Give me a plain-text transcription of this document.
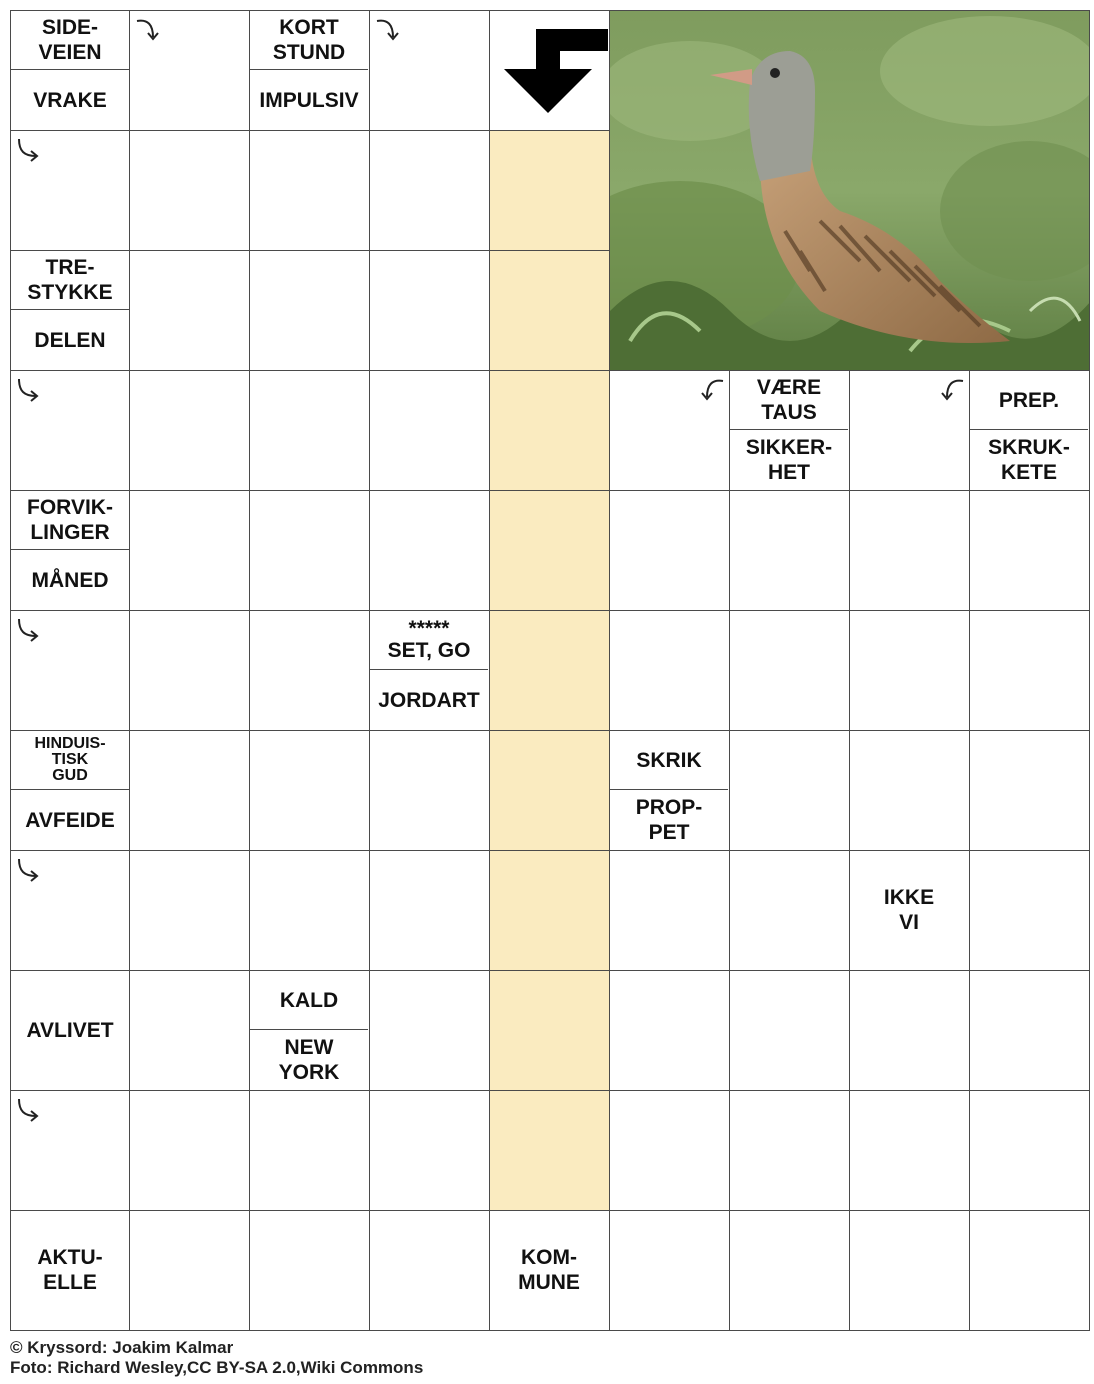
SIDE-
VEIEN
VRAKE
KORT
STUND
IMPULSIV
TRE-
STYKKE
DELEN
VÆRE
TAUS
SIKKER-
HET
PREP.
SKRUK-
KETE
FORVIK-
LINGER
MÅNED
*****
SET, GO
JORDART
HINDUIS-
TISK
GUD
AVFEIDE
SKRIK
PROP-
PET
IKKE
VI
AVLIVET
KALD
NEW
YORK
AKTU-
ELLE
KOM-
MUNE
© Kryssord: Joakim Kalmar
Foto: Richard Wesley,CC BY-SA 2.0,Wiki Commons
